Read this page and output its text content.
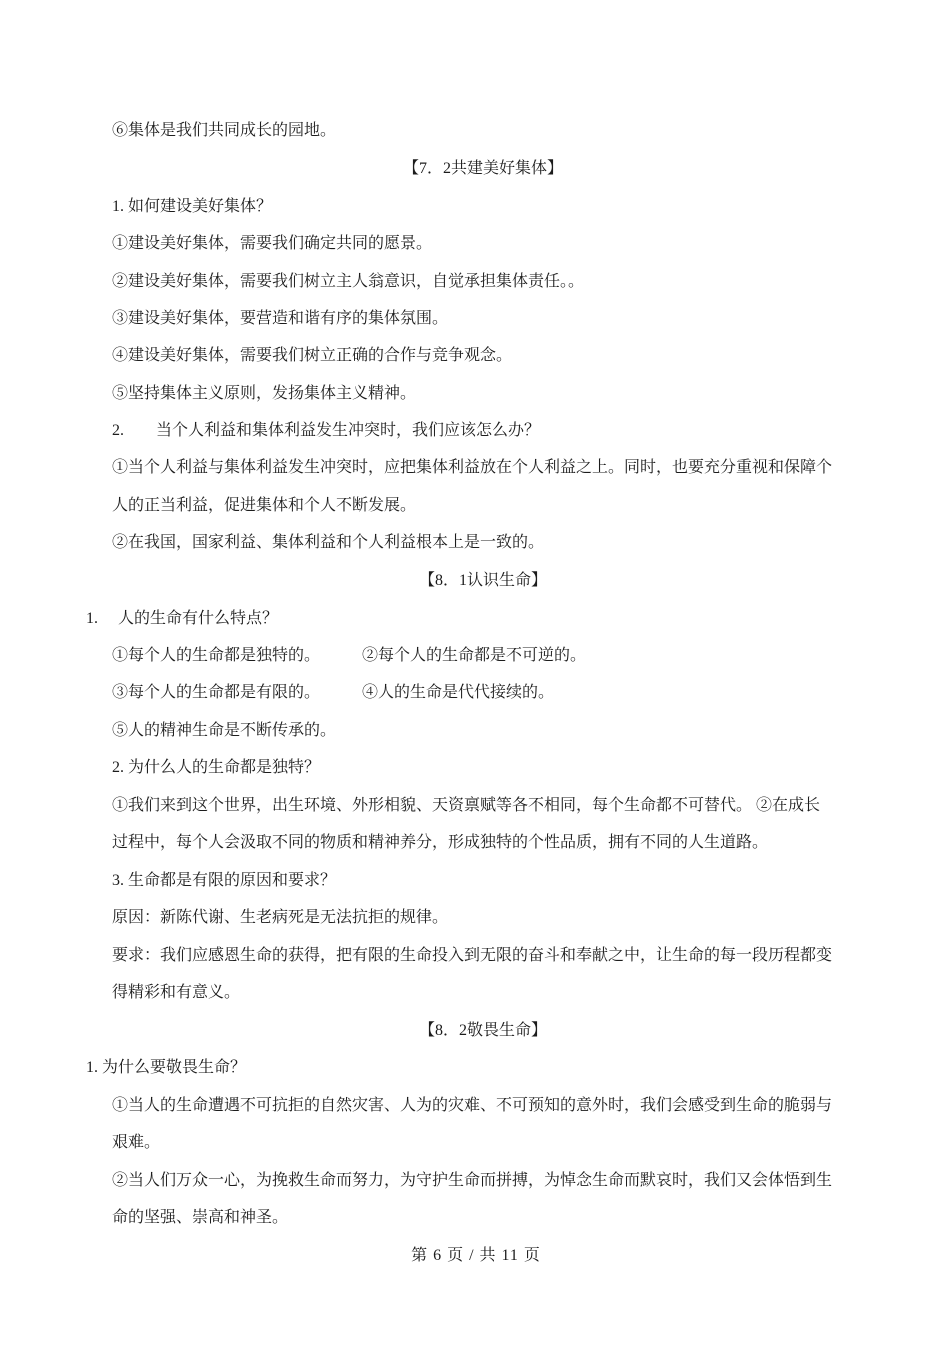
⑥集体是我们共同成长的园地。
【7．2共建美好集体】
1. 如何建设美好集体？
①建设美好集体，需要我们确定共同的愿景。
②建设美好集体，需要我们树立主人翁意识，自觉承担集体责任。。
③建设美好集体，要营造和谐有序的集体氛围。
④建设美好集体，需要我们树立正确的合作与竞争观念。
⑤坚持集体主义原则，发扬集体主义精神。
2.　　当个人利益和集体利益发生冲突时，我们应该怎么办？
①当个人利益与集体利益发生冲突时，应把集体利益放在个人利益之上。同时，也要充分重视和保障个
人的正当利益，促进集体和个人不断发展。
②在我国，国家利益、集体利益和个人利益根本上是一致的。
【8．1认识生命】
1.　 人的生命有什么特点？
①每个人的生命都是独特的。	②每个人的生命都是不可逆的。
③每个人的生命都是有限的。	④人的生命是代代接续的。
⑤人的精神生命是不断传承的。
2. 为什么人的生命都是独特？
①我们来到这个世界，出生环境、外形相貌、天资禀赋等各不相同，每个生命都不可替代。 ②在成长
过程中，每个人会汲取不同的物质和精神养分，形成独特的个性品质，拥有不同的人生道路。
3. 生命都是有限的原因和要求？
原因：新陈代谢、生老病死是无法抗拒的规律。
要求：我们应感恩生命的获得，把有限的生命投入到无限的奋斗和奉献之中，让生命的每一段历程都变
得精彩和有意义。
【8．2敬畏生命】
1. 为什么要敬畏生命？
①当人的生命遭遇不可抗拒的自然灾害、人为的灾难、不可预知的意外时，我们会感受到生命的脆弱与
艰难。
②当人们万众一心，为挽救生命而努力，为守护生命而拼搏，为悼念生命而默哀时，我们又会体悟到生
命的坚强、崇高和神圣。
第 6 页 / 共 11 页
